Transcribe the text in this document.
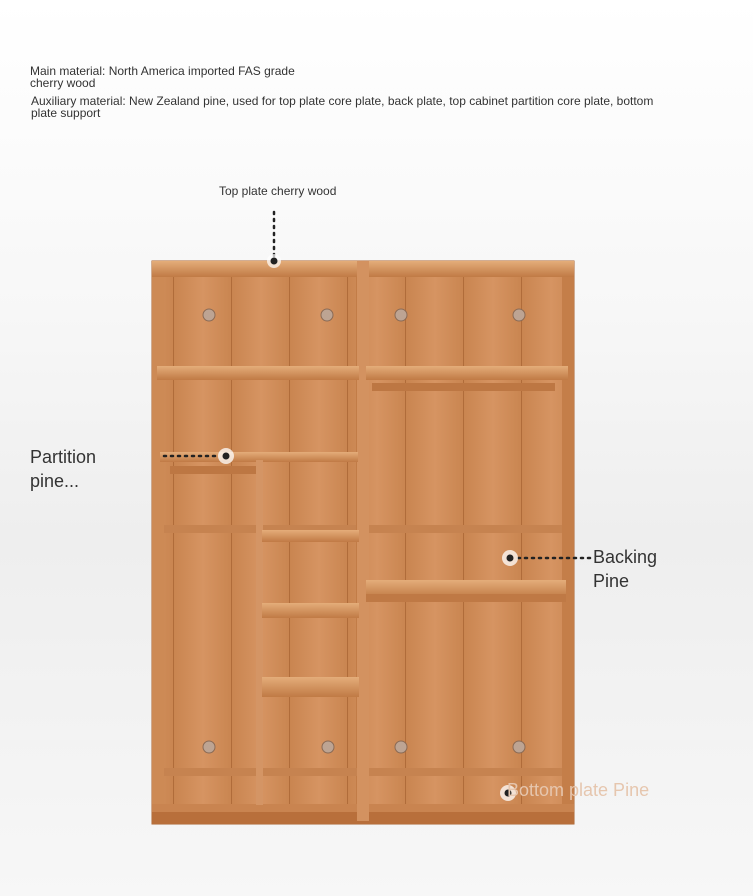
Main material: North America imported FAS grade cherry wood
Auxiliary material: New Zealand pine, used for top plate core plate, back plate, top cabinet partition core plate, bottom plate support
Top plate cherry wood
Partition pine...
Backing Pine
Bottom plate Pine
